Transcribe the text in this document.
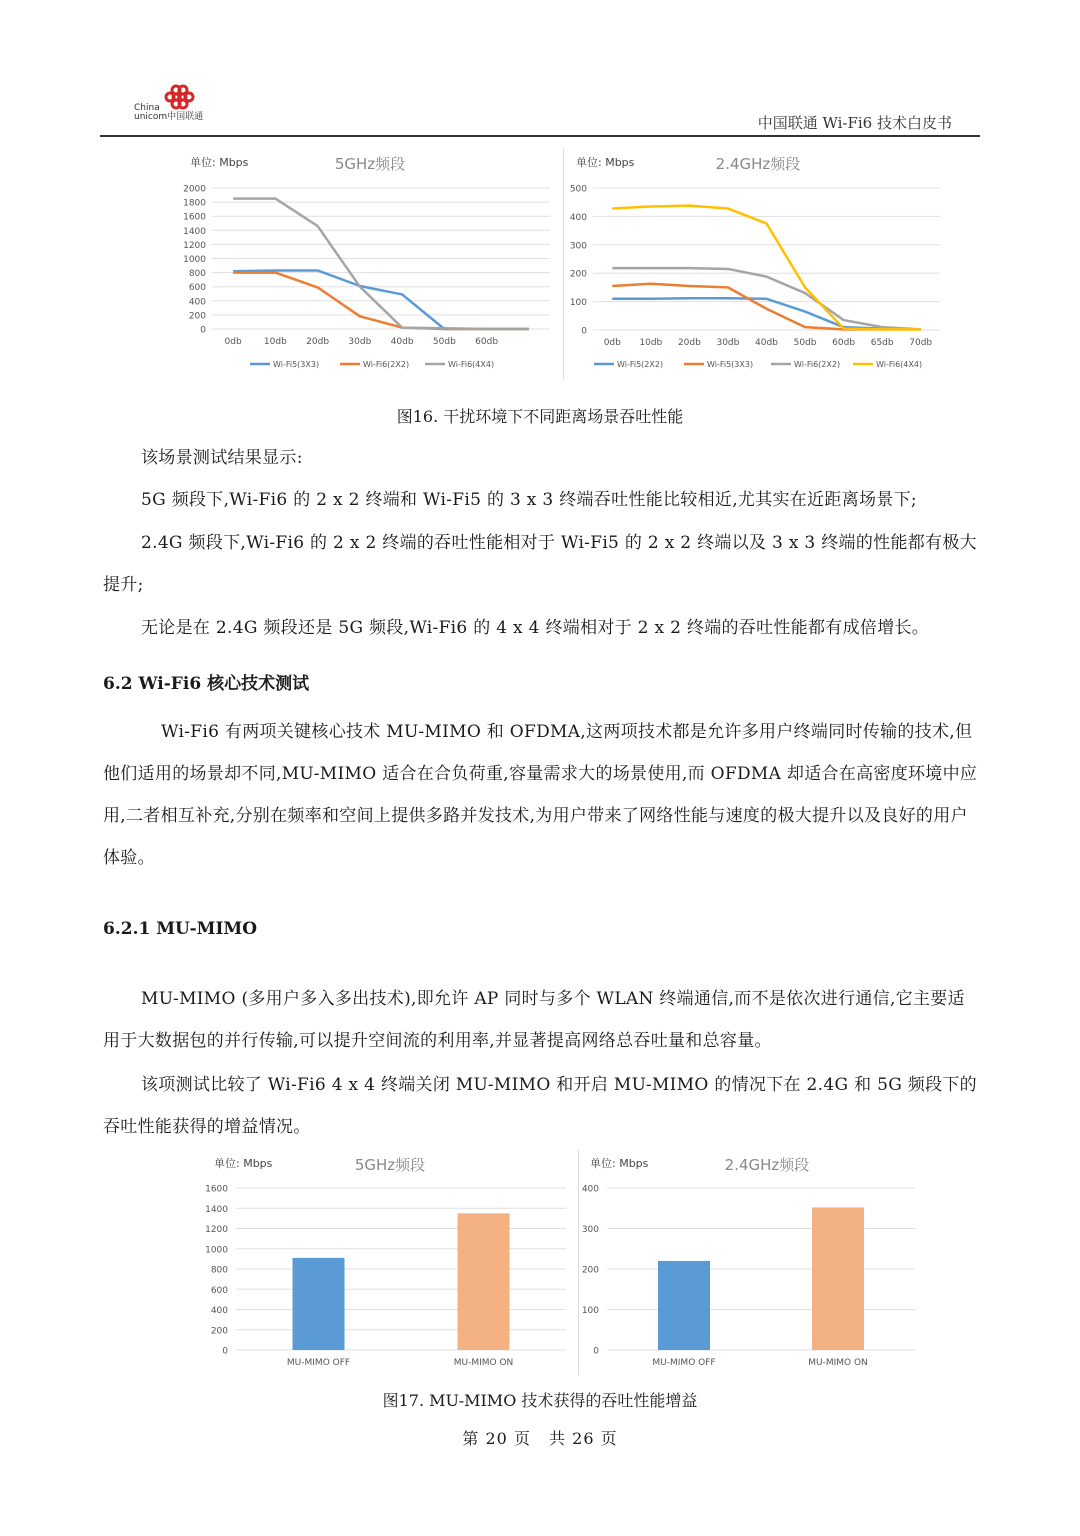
China
unicom中国联通	中国联通 Wi-Fi6 技术白皮书
单位: Mbps	5GHz频段
0
200
400
600
800
1000
1200
1400
1600
1800
2000
0db 10db 20db 30db 40db 50db 60db
Wi-Fi5(3X3)	Wi-Fi6(2X2)	Wi-Fi6(4X4)
单位: Mbps	2.4GHz频段
0
100
200
300
400
500
0db 10db 20db 30db 40db 50db 60db 65db 70db
Wi-Fi5(2X2)	Wi-Fi5(3X3)	Wi-Fi6(2X2)	Wi-Fi6(4X4)
图16. 干扰环境下不同距离场景吞吐性能
该场景测试结果显示:
5G 频段下,Wi-Fi6 的 2 x 2 终端和 Wi-Fi5 的 3 x 3 终端吞吐性能比较相近,尤其实在近距离场景下;
2.4G 频段下,Wi-Fi6 的 2 x 2 终端的吞吐性能相对于 Wi-Fi5 的 2 x 2 终端以及 3 x 3 终端的性能都有极大提升;
无论是在 2.4G 频段还是 5G 频段,Wi-Fi6 的 4 x 4 终端相对于 2 x 2 终端的吞吐性能都有成倍增长。
6.2 Wi-Fi6 核心技术测试
Wi-Fi6 有两项关键核心技术 MU-MIMO 和 OFDMA,这两项技术都是允许多用户终端同时传输的技术,但他们适用的场景却不同,MU-MIMO 适合在合负荷重,容量需求大的场景使用,而 OFDMA 却适合在高密度环境中应用,二者相互补充,分别在频率和空间上提供多路并发技术,为用户带来了网络性能与速度的极大提升以及良好的用户体验。
6.2.1 MU-MIMO
MU-MIMO (多用户多入多出技术),即允许 AP 同时与多个 WLAN 终端通信,而不是依次进行通信,它主要适用于大数据包的并行传输,可以提升空间流的利用率,并显著提高网络总吞吐量和总容量。
该项测试比较了 Wi-Fi6 4 x 4 终端关闭 MU-MIMO 和开启 MU-MIMO 的情况下在 2.4G 和 5G 频段下的吞吐性能获得的增益情况。
单位: Mbps	5GHz频段
0
200
400
600
800
1000
1200
1400
1600
MU-MIMO OFF	MU-MIMO ON
单位: Mbps	2.4GHz频段
0
100
200
300
400
MU-MIMO OFF	MU-MIMO ON
图17. MU-MIMO 技术获得的吞吐性能增益
第 20 页 共 26 页
